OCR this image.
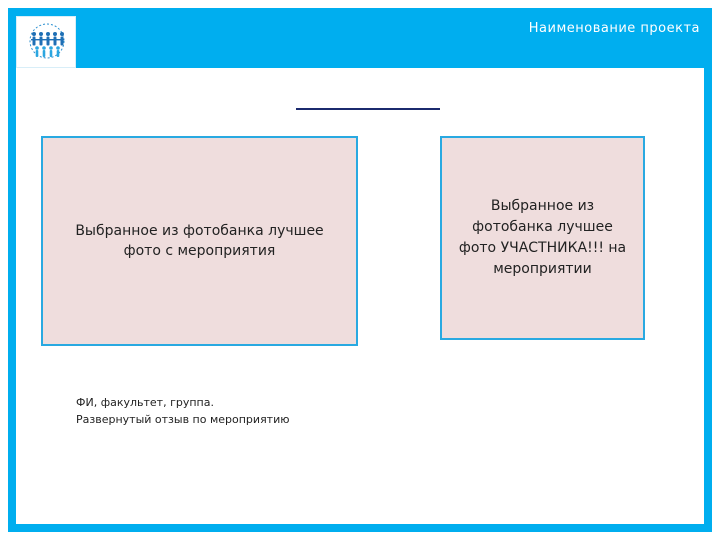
Наименование проекта
Выбранное из фотобанка лучшее фото с мероприятия
Выбранное из фотобанка лучшее фото УЧАСТНИКА!!! на мероприятии
ФИ, факультет, группа.
Развернутый отзыв по мероприятию
